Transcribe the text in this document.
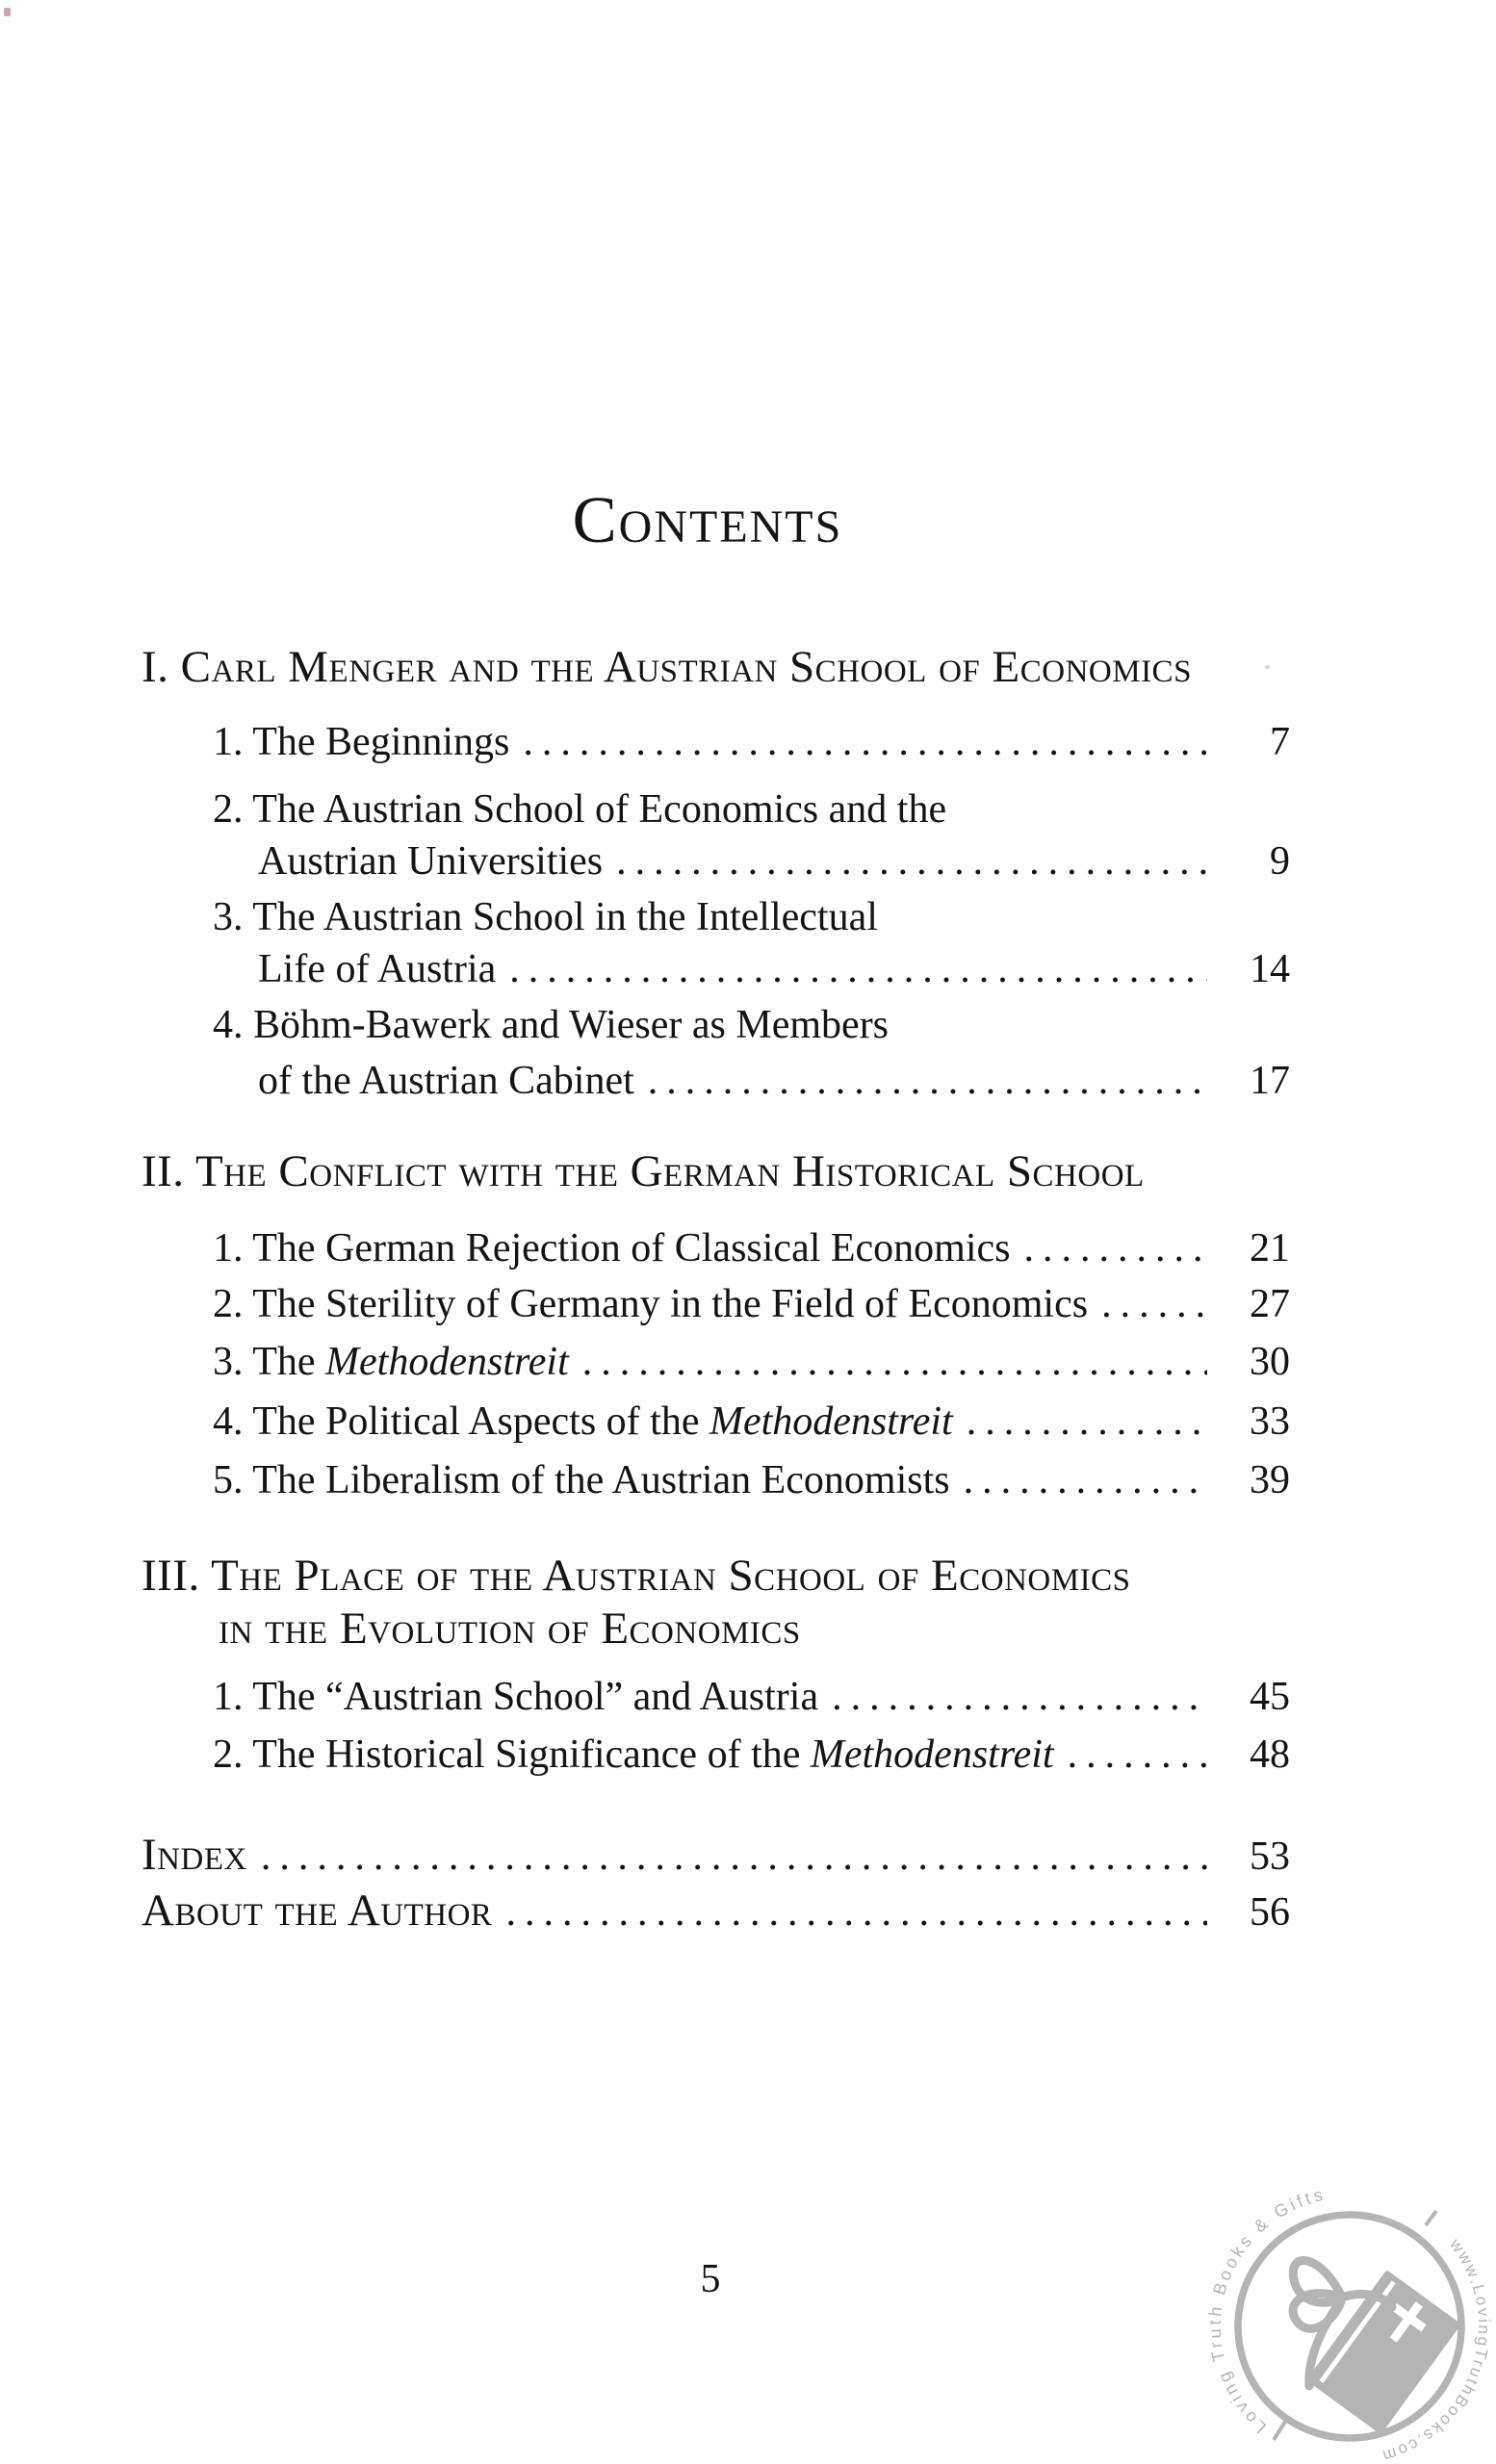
Contents
I. Carl Menger and the Austrian School of Economics
1. The Beginnings .....	7
2. The Austrian School of Economics and the
Austrian Universities .....	9
3. The Austrian School in the Intellectual
Life of Austria .....	14
4. Böhm-Bawerk and Wieser as Members
of the Austrian Cabinet .....	17
II. The Conflict with the German Historical School
1. The German Rejection of Classical Economics .....	21
2. The Sterility of Germany in the Field of Economics .....	27
3. The Methodenstreit .....	30
4. The Political Aspects of the Methodenstreit .....	33
5. The Liberalism of the Austrian Economists .....	39
III. The Place of the Austrian School of Economics
in the Evolution of Economics
1. The “Austrian School” and Austria .....	45
2. The Historical Significance of the Methodenstreit .....	48
Index .....	53
About the Author .....	56
5
Loving Truth Books & Gifts
www.LovingTruthBooks.com
